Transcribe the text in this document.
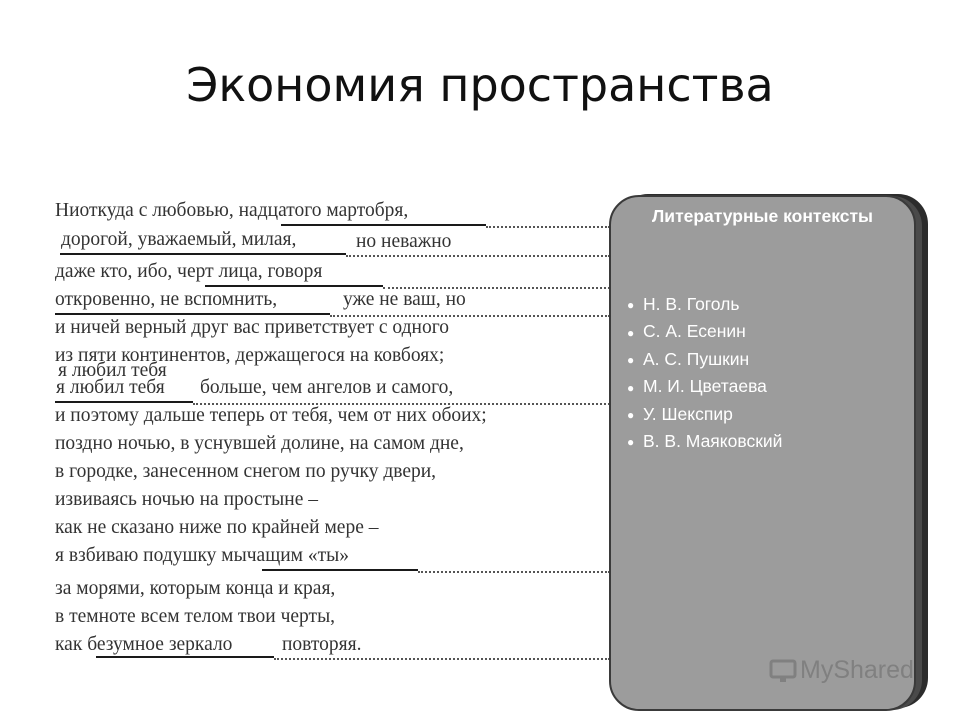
Экономия пространства
Ниоткуда с любовью, надцатого мартобря,
дорогой, уважаемый, милая,	но неважно
даже кто, ибо, черт лица, говоря
откровенно, не вспомнить,	уже не ваш, но
и ничей верный друг вас приветствует с одного
из пяти континентов, держащегося на ковбоях;
я любил тебя
я любил тебя больше, чем ангелов и самого,
и поэтому дальше теперь от тебя, чем от них обоих;
поздно ночью, в уснувшей долине, на самом дне,
в городке, занесенном снегом по ручку двери,
извиваясь ночью на простыне –
как не сказано ниже по крайней мере –
я взбиваю подушку мычащим «ты»
за морями, которым конца и края,
в темноте всем телом твои черты,
как безумное зеркало	повторяя.
Литературные контексты
● Н. В. Гоголь
● С. А. Есенин
● А. С. Пушкин
● М. И. Цветаева
● У. Шекспир
● В. В. Маяковский
MyShared
